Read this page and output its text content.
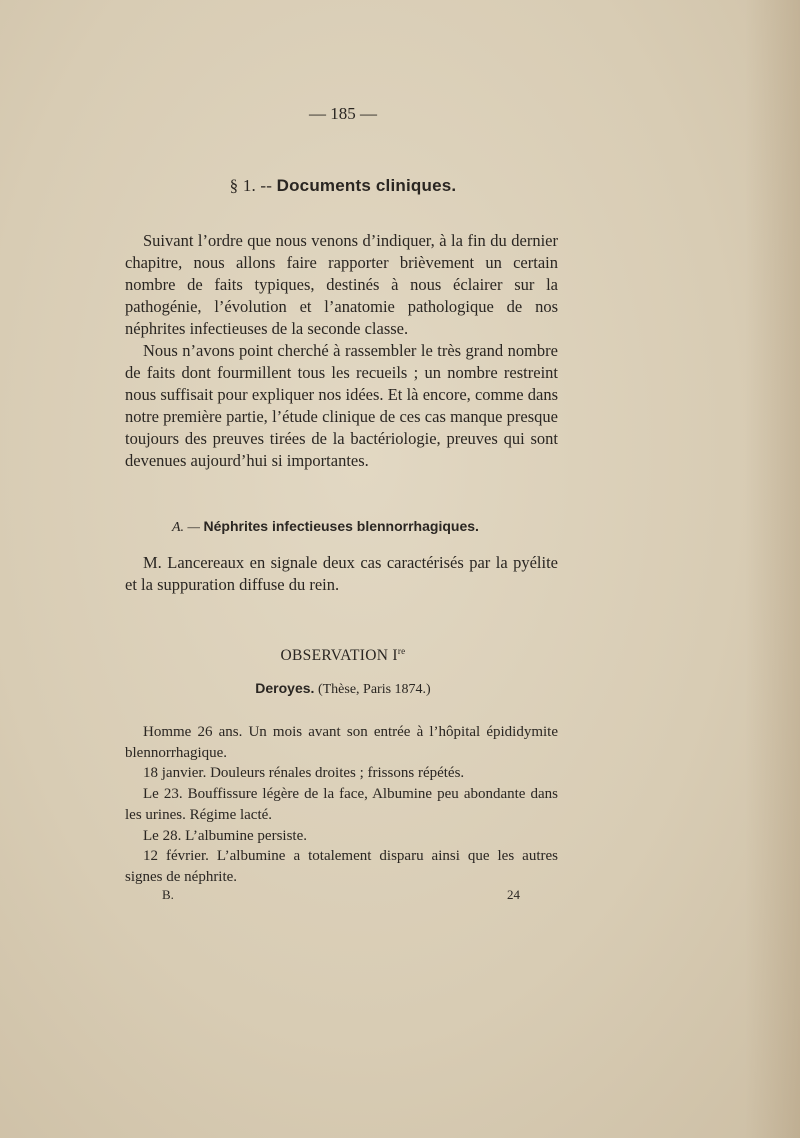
— 185 —
§ 1. -- Documents cliniques.

Suivant l’ordre que nous venons d’indiquer, à la fin du dernier chapitre, nous allons faire rapporter brièvement un certain nombre de faits typiques, destinés à nous éclairer sur la pathogénie, l’évolution et l’anatomie pathologique de nos néphrites infectieuses de la seconde classe.

Nous n’avons point cherché à rassembler le très grand nombre de faits dont fourmillent tous les recueils ; un nombre restreint nous suffisait pour expliquer nos idées. Et là encore, comme dans notre première partie, l’étude clinique de ces cas manque presque toujours des preuves tirées de la bactériologie, preuves qui sont devenues aujourd’hui si importantes.

A. — Néphrites infectieuses blennorrhagiques.

M. Lancereaux en signale deux cas caractérisés par la pyélite et la suppuration diffuse du rein.

OBSERVATION Ire
Deroyes. (Thèse, Paris 1874.)

Homme 26 ans. Un mois avant son entrée à l’hôpital épididymite blennorrhagique.

18 janvier. Douleurs rénales droites ; frissons répétés.

Le 23. Bouffissure légère de la face, Albumine peu abondante dans les urines. Régime lacté.

Le 28. L’albumine persiste.

12 février. L’albumine a totalement disparu ainsi que les autres signes de néphrite.

B.	24
